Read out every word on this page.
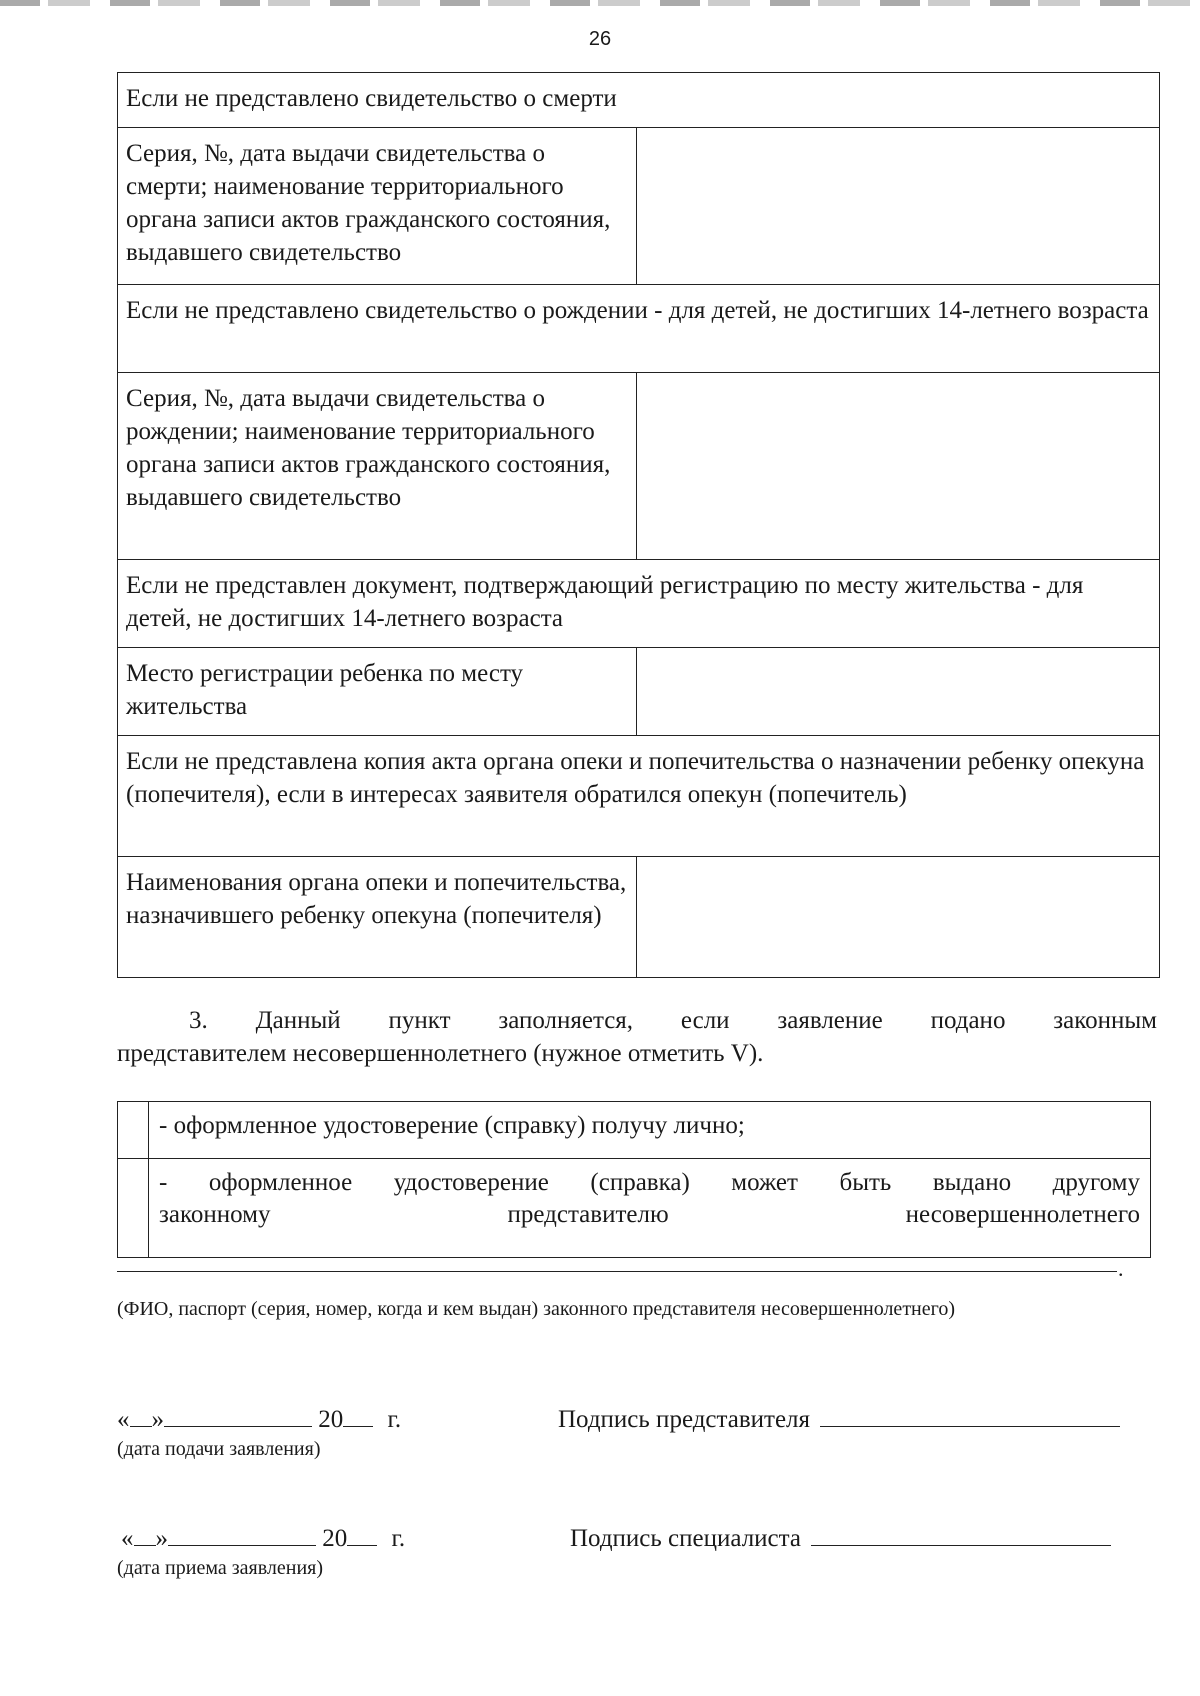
26
Если не представлено свидетельство о смерти	
Серия, №, дата выдачи свидетельства о смерти; наименование территориального органа записи актов гражданского состояния, выдавшего свидетельство	
Если не представлено свидетельство о рождении - для детей, не достигших 14-летнего возраста	
Серия, №, дата выдачи свидетельства о рождении; наименование территориального органа записи актов гражданского состояния, выдавшего свидетельство	
Если не представлен документ, подтверждающий регистрацию по месту жительства - для детей, не достигших 14-летнего возраста	
Место регистрации ребенка по месту жительства	
Если не представлена копия акта органа опеки и попечительства о назначении ребенку опекуна (попечителя), если в интересах заявителя обратился опекун (попечитель)	
Наименования органа опеки и попечительства, назначившего ребенку опекуна (попечителя)	
3. Данный пункт заполняется, если заявление подано законным
представителем несовершеннолетнего (нужное отметить V).
	- оформленное удостоверение (справку) получу лично;

	- оформленное удостоверение (справка) может быть выдано другому
законному представителю несовершеннолетнего
.
(ФИО, паспорт (серия, номер, когда и кем выдан) законного представителя несовершеннолетнего)
« »	20 г.
(дата подачи заявления)
Подпись представителя
« »	20 г.
(дата приема заявления)
Подпись специалиста
